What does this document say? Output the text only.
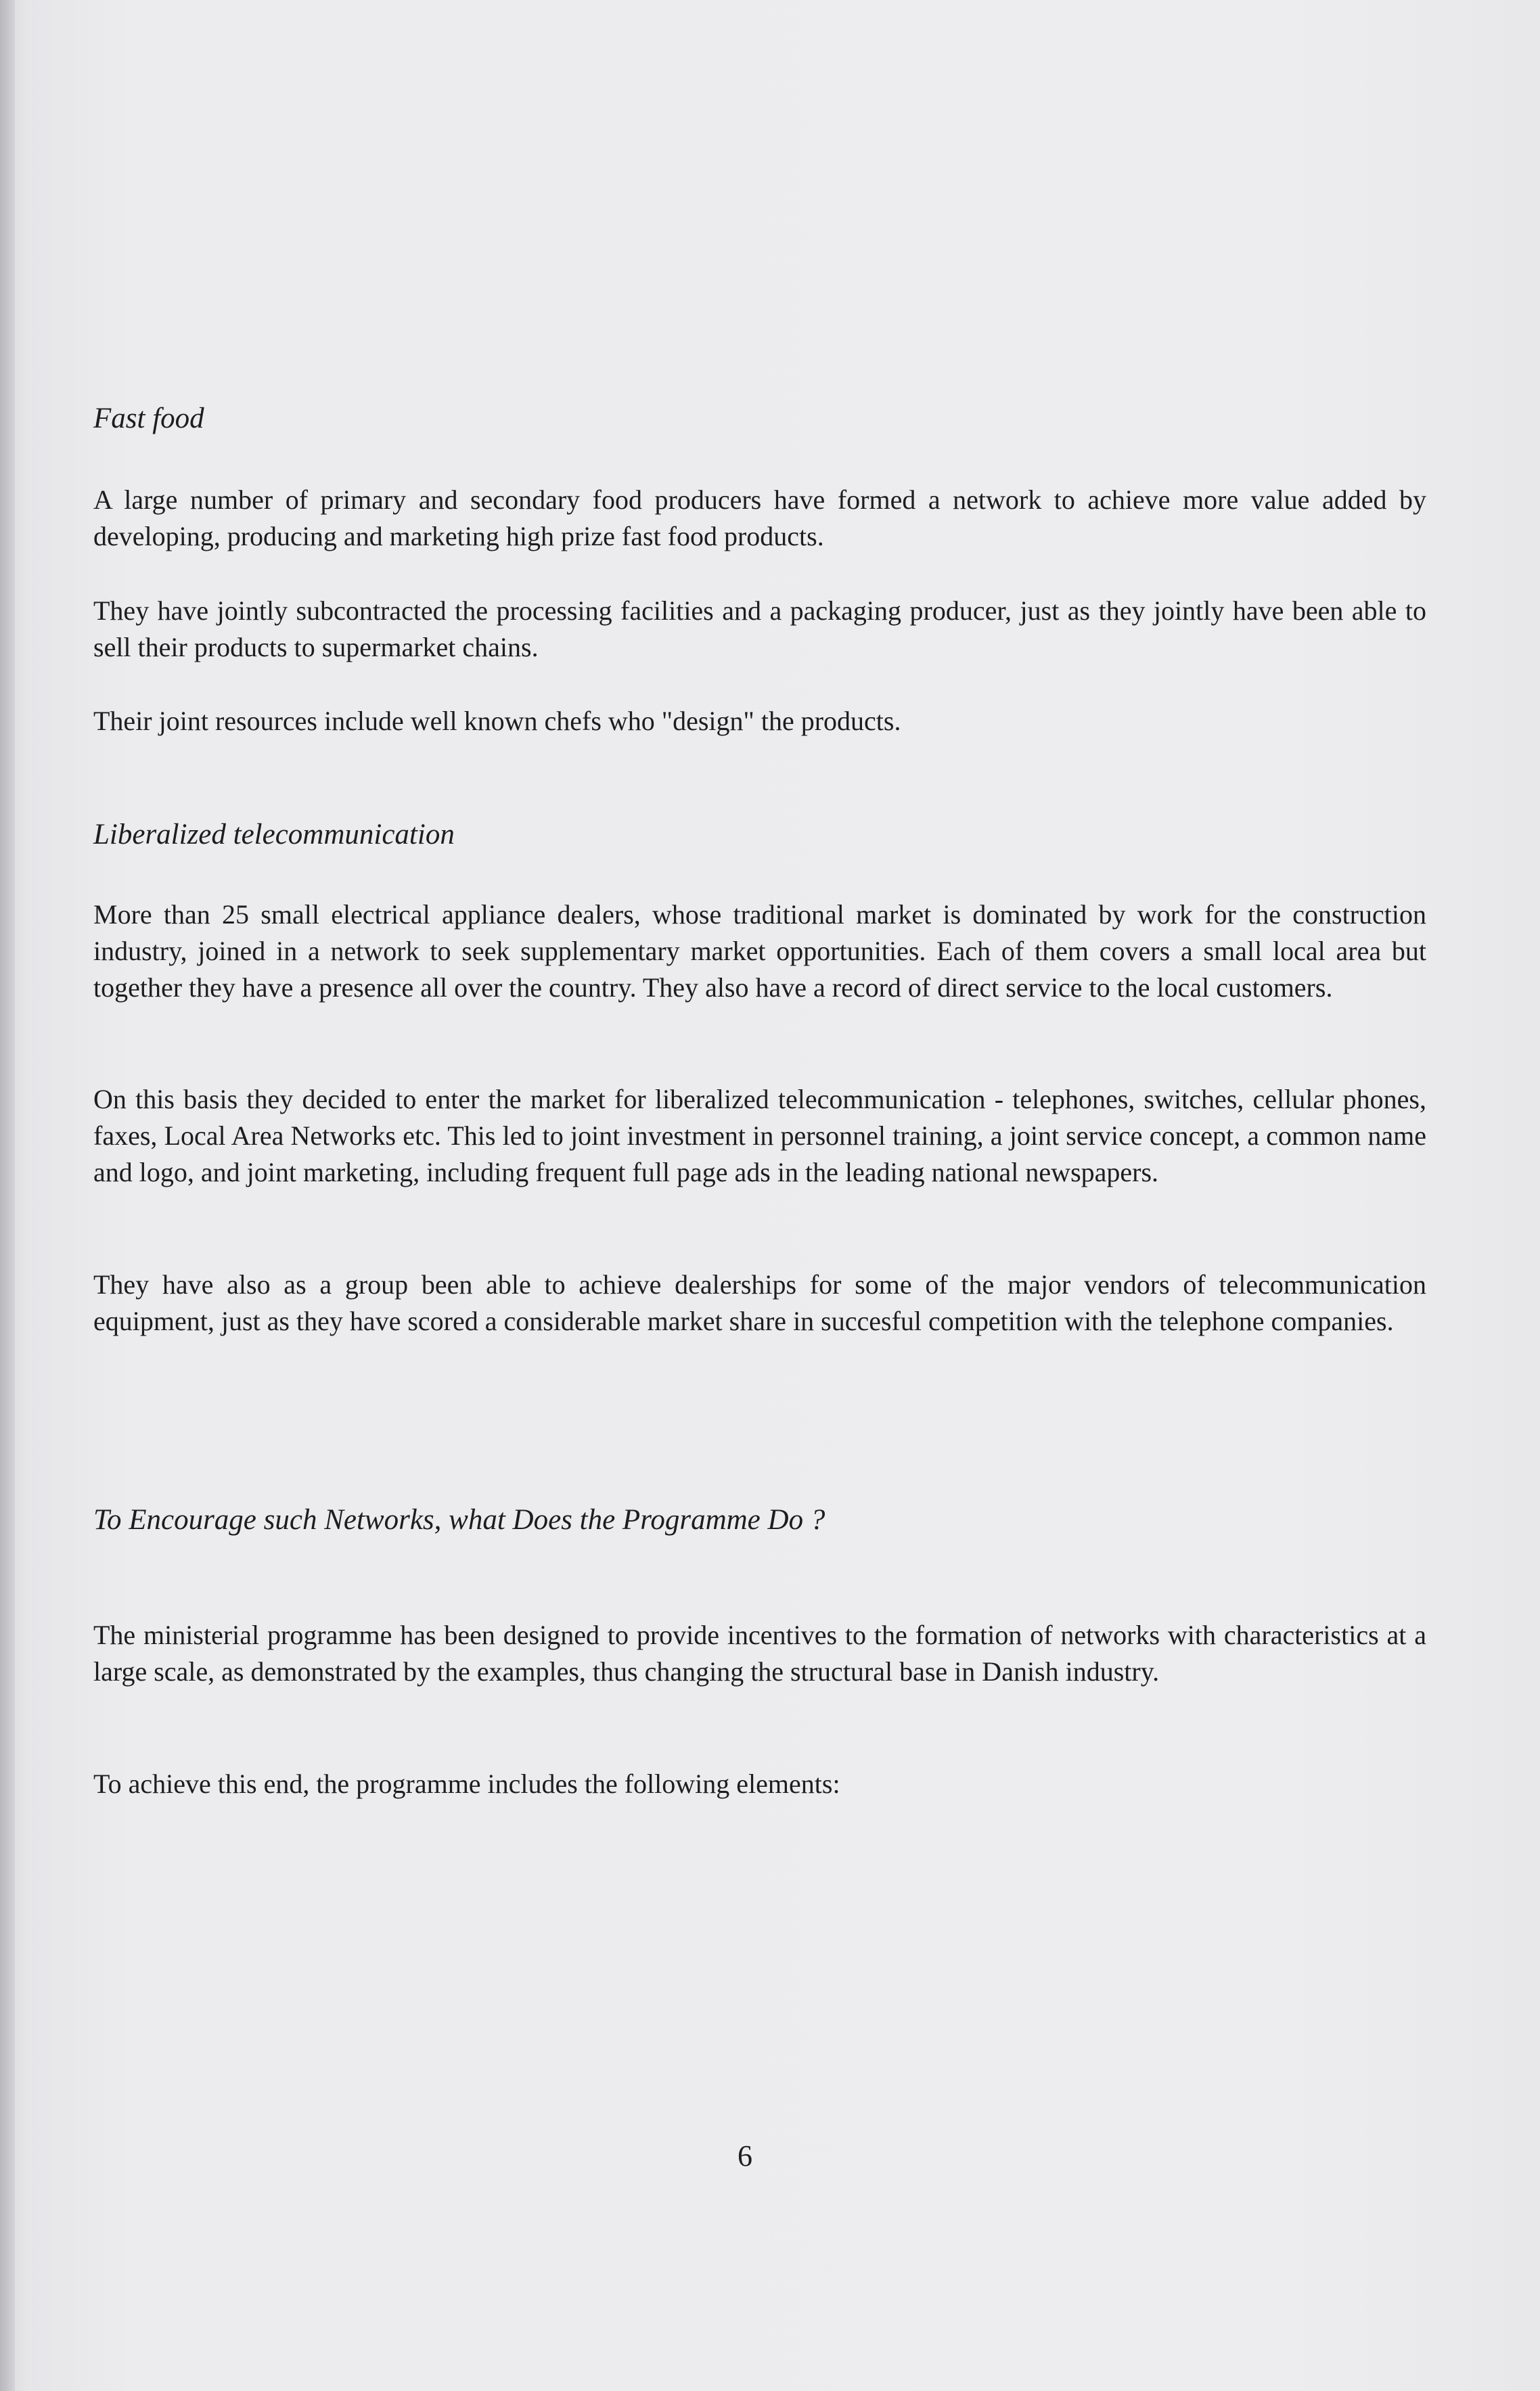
Fast food
A large number of primary and secondary food producers have formed a network to achieve more value added by developing, producing and marketing high prize fast food products.
They have jointly subcontracted the processing facilities and a packaging producer, just as they jointly have been able to sell their products to supermarket chains.
Their joint resources include well known chefs who "design" the products.
Liberalized telecommunication
More than 25 small electrical appliance dealers, whose traditional market is dominated by work for the construction industry, joined in a network to seek supplementary market opportunities. Each of them covers a small local area but together they have a presence all over the country. They also have a record of direct service to the local customers.
On this basis they decided to enter the market for liberalized telecommunication - telephones, switches, cellular phones, faxes, Local Area Networks etc. This led to joint investment in personnel training, a joint service concept, a common name and logo, and joint marketing, including frequent full page ads in the leading national newspapers.
They have also as a group been able to achieve dealerships for some of the major vendors of telecommunication equipment, just as they have scored a considerable market share in succesful competition with the telephone companies.
To Encourage such Networks, what Does the Programme Do ?
The ministerial programme has been designed to provide incentives to the formation of networks with characteristics at a large scale, as demonstrated by the examples, thus changing the structural base in Danish industry.
To achieve this end, the programme includes the following elements:
6
